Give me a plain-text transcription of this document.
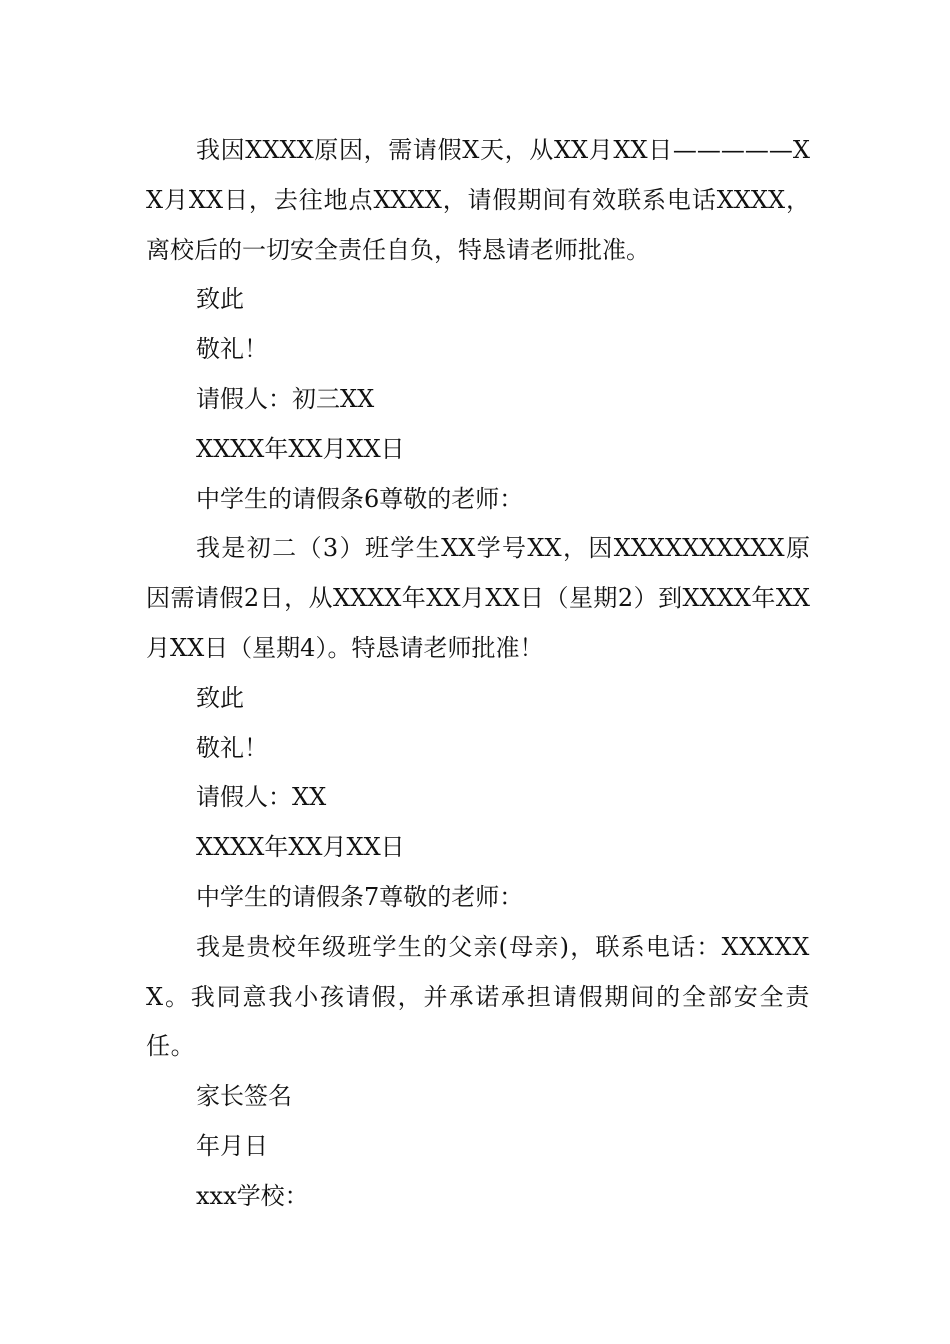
我因XXXX原因，需请假X天，从XX月XX日—————XX月XX日，去往地点XXXX，请假期间有效联系电话XXXX，离校后的一切安全责任自负，特恳请老师批准。

致此

敬礼！

请假人：初三XX

XXXX年XX月XX日

中学生的请假条6尊敬的老师：

我是初二（3）班学生XX学号XX，因XXXXXXXXXX原因需请假2日，从XXXX年XX月XX日（星期2）到XXXX年XX月XX日（星期4）。特恳请老师批准！

致此

敬礼！

请假人：XX

XXXX年XX月XX日

中学生的请假条7尊敬的老师：

我是贵校年级班学生的父亲(母亲)，联系电话：XXXXXX。我同意我小孩请假，并承诺承担请假期间的全部安全责任。

家长签名

年月日

xxx学校：
